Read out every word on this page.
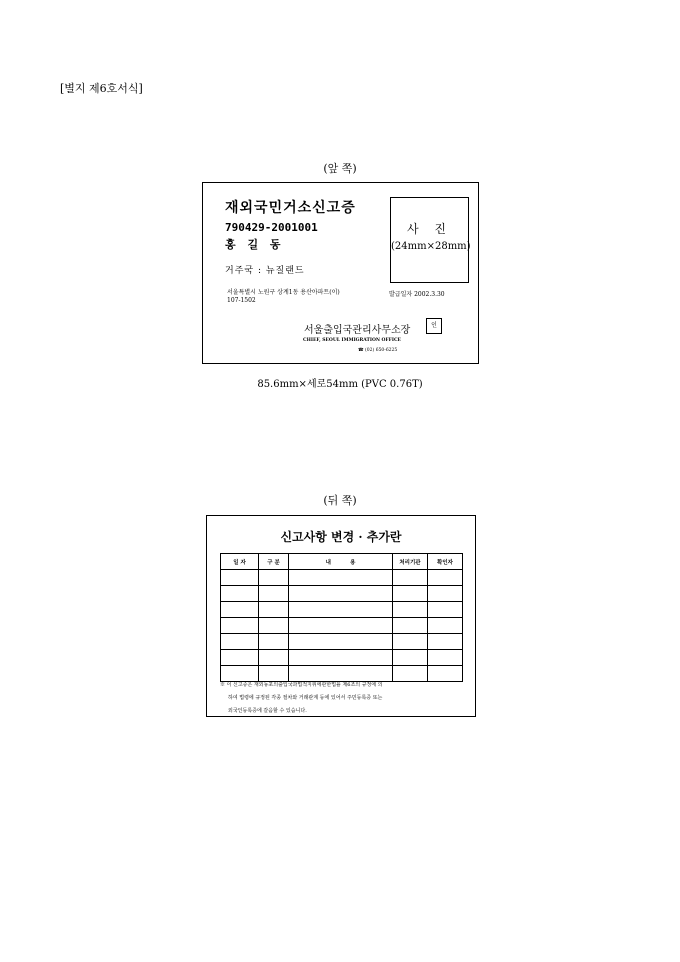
[별지 제6호서식]
(앞 쪽)
재외국민거소신고증
790429-2001001
홍 길 동
거주국 : 뉴질랜드
서울특별시 노원구 상계1동 용산아파트(이)
107-1502
발급일자 2002.3.30
사 진
(24mm×28mm)
서울출입국관리사무소장	인
CHIEF, SEOUL IMMIGRATION OFFICE
☎ (02) 650-6225
85.6mm×세로54mm (PVC 0.76T)
(뒤 쪽)
신고사항 변경 · 추가란
일 자	구 분	내          용	처리기관	확인자

※ 이 신고증은 재외동포의출입국과법적지위에관한법률 제6조의 규정에 의
하여 법령에 규정된 각종 절차와 거래관계 등에 있어서 주민등록증 또는
외국인등록증에 갈음할 수 있습니다.
